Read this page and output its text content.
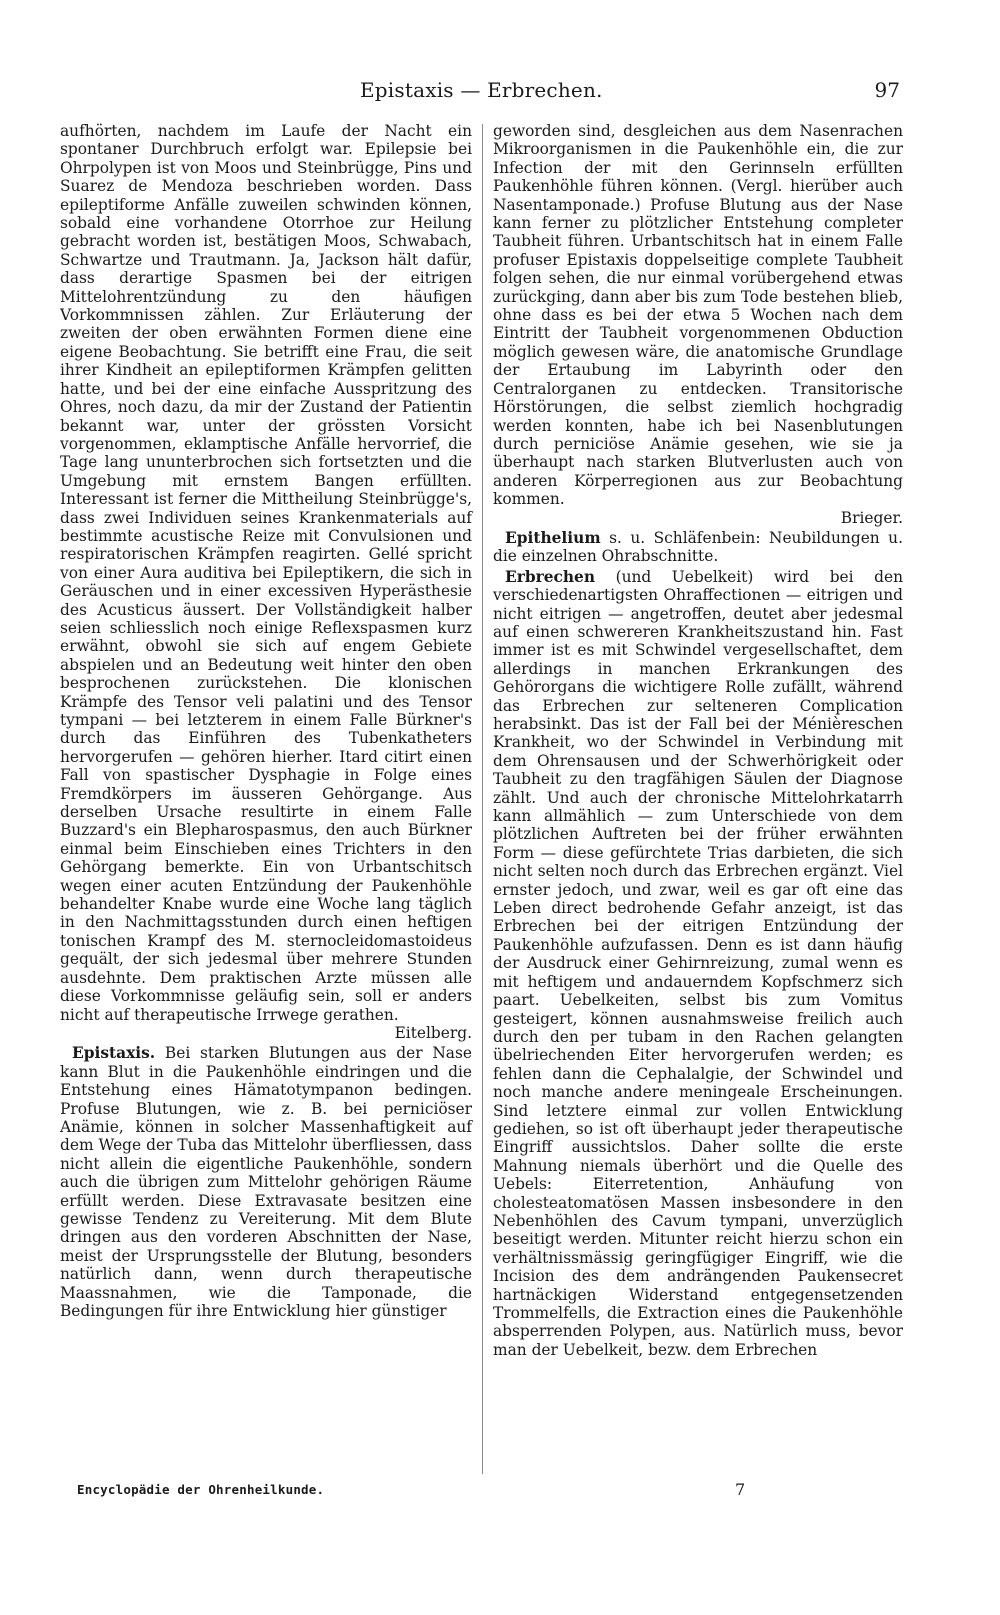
Epistaxis — Erbrechen.	97

aufhörten, nachdem im Laufe der Nacht ein spontaner Durchbruch erfolgt war. Epilepsie bei Ohrpolypen ist von Moos und Steinbrügge, Pins und Suarez de Mendoza beschrieben worden. Dass epileptiforme Anfälle zuweilen schwinden können, sobald eine vorhandene Otorrhoe zur Heilung gebracht worden ist, bestätigen Moos, Schwabach, Schwartze und Trautmann. Ja, Jackson hält dafür, dass derartige Spasmen bei der eitrigen Mittelohrentzündung zu den häufigen Vorkommnissen zählen. Zur Erläuterung der zweiten der oben erwähnten Formen diene eine eigene Beobachtung. Sie betrifft eine Frau, die seit ihrer Kindheit an epileptiformen Krämpfen gelitten hatte, und bei der eine einfache Ausspritzung des Ohres, noch dazu, da mir der Zustand der Patientin bekannt war, unter der grössten Vorsicht vorgenommen, eklamptische Anfälle hervorrief, die Tage lang ununterbrochen sich fortsetzten und die Umgebung mit ernstem Bangen erfüllten. Interessant ist ferner die Mittheilung Steinbrügge's, dass zwei Individuen seines Krankenmaterials auf bestimmte acustische Reize mit Convulsionen und respiratorischen Krämpfen reagirten. Gellé spricht von einer Aura auditiva bei Epileptikern, die sich in Geräuschen und in einer excessiven Hyperästhesie des Acusticus äussert. Der Vollständigkeit halber seien schliesslich noch einige Reflexspasmen kurz erwähnt, obwohl sie sich auf engem Gebiete abspielen und an Bedeutung weit hinter den oben besprochenen zurückstehen. Die klonischen Krämpfe des Tensor veli palatini und des Tensor tympani — bei letzterem in einem Falle Bürkner's durch das Einführen des Tubenkatheters hervorgerufen — gehören hierher. Itard citirt einen Fall von spastischer Dysphagie in Folge eines Fremdkörpers im äusseren Gehörgange. Aus derselben Ursache resultirte in einem Falle Buzzard's ein Blepharospasmus, den auch Bürkner einmal beim Einschieben eines Trichters in den Gehörgang bemerkte. Ein von Urbantschitsch wegen einer acuten Entzündung der Paukenhöhle behandelter Knabe wurde eine Woche lang täglich in den Nachmittagsstunden durch einen heftigen tonischen Krampf des M. sternocleidomastoideus gequält, der sich jedesmal über mehrere Stunden ausdehnte. Dem praktischen Arzte müssen alle diese Vorkommnisse geläufig sein, soll er anders nicht auf therapeutische Irrwege gerathen.
Eitelberg.

Epistaxis. Bei starken Blutungen aus der Nase kann Blut in die Paukenhöhle eindringen und die Entstehung eines Hämatotympanon bedingen. Profuse Blutungen, wie z. B. bei perniciöser Anämie, können in solcher Massenhaftigkeit auf dem Wege der Tuba das Mittelohr überfliessen, dass nicht allein die eigentliche Paukenhöhle, sondern auch die übrigen zum Mittelohr gehörigen Räume erfüllt werden. Diese Extravasate besitzen eine gewisse Tendenz zu Vereiterung. Mit dem Blute dringen aus den vorderen Abschnitten der Nase, meist der Ursprungsstelle der Blutung, besonders natürlich dann, wenn durch therapeutische Maassnahmen, wie die Tamponade, die Bedingungen für ihre Entwicklung hier günstiger

geworden sind, desgleichen aus dem Nasenrachen Mikroorganismen in die Paukenhöhle ein, die zur Infection der mit den Gerinnseln erfüllten Paukenhöhle führen können. (Vergl. hierüber auch Nasentamponade.) Profuse Blutung aus der Nase kann ferner zu plötzlicher Entstehung completer Taubheit führen. Urbantschitsch hat in einem Falle profuser Epistaxis doppelseitige complete Taubheit folgen sehen, die nur einmal vorübergehend etwas zurückging, dann aber bis zum Tode bestehen blieb, ohne dass es bei der etwa 5 Wochen nach dem Eintritt der Taubheit vorgenommenen Obduction möglich gewesen wäre, die anatomische Grundlage der Ertaubung im Labyrinth oder den Centralorganen zu entdecken. Transitorische Hörstörungen, die selbst ziemlich hochgradig werden konnten, habe ich bei Nasenblutungen durch perniciöse Anämie gesehen, wie sie ja überhaupt nach starken Blutverlusten auch von anderen Körperregionen aus zur Beobachtung kommen.
Brieger.

Epithelium s. u. Schläfenbein: Neubildungen u. die einzelnen Ohrabschnitte.

Erbrechen (und Uebelkeit) wird bei den verschiedenartigsten Ohraffectionen — eitrigen und nicht eitrigen — angetroffen, deutet aber jedesmal auf einen schwereren Krankheitszustand hin. Fast immer ist es mit Schwindel vergesellschaftet, dem allerdings in manchen Erkrankungen des Gehörorgans die wichtigere Rolle zufällt, während das Erbrechen zur selteneren Complication herabsinkt. Das ist der Fall bei der Ménièreschen Krankheit, wo der Schwindel in Verbindung mit dem Ohrensausen und der Schwerhörigkeit oder Taubheit zu den tragfähigen Säulen der Diagnose zählt. Und auch der chronische Mittelohrkatarrh kann allmählich — zum Unterschiede von dem plötzlichen Auftreten bei der früher erwähnten Form — diese gefürchtete Trias darbieten, die sich nicht selten noch durch das Erbrechen ergänzt. Viel ernster jedoch, und zwar, weil es gar oft eine das Leben direct bedrohende Gefahr anzeigt, ist das Erbrechen bei der eitrigen Entzündung der Paukenhöhle aufzufassen. Denn es ist dann häufig der Ausdruck einer Gehirnreizung, zumal wenn es mit heftigem und andauerndem Kopfschmerz sich paart. Uebelkeiten, selbst bis zum Vomitus gesteigert, können ausnahmsweise freilich auch durch den per tubam in den Rachen gelangten übelriechenden Eiter hervorgerufen werden; es fehlen dann die Cephalalgie, der Schwindel und noch manche andere meningeale Erscheinungen. Sind letztere einmal zur vollen Entwicklung gediehen, so ist oft überhaupt jeder therapeutische Eingriff aussichtslos. Daher sollte die erste Mahnung niemals überhört und die Quelle des Uebels: Eiterretention, Anhäufung von cholesteatomatösen Massen insbesondere in den Nebenhöhlen des Cavum tympani, unverzüglich beseitigt werden. Mitunter reicht hierzu schon ein verhältnissmässig geringfügiger Eingriff, wie die Incision des dem andrängenden Paukensecret hartnäckigen Widerstand entgegensetzenden Trommelfells, die Extraction eines die Paukenhöhle absperrenden Polypen, aus. Natürlich muss, bevor man der Uebelkeit, bezw. dem Erbrechen

Encyclopädie der Ohrenheilkunde.	7
